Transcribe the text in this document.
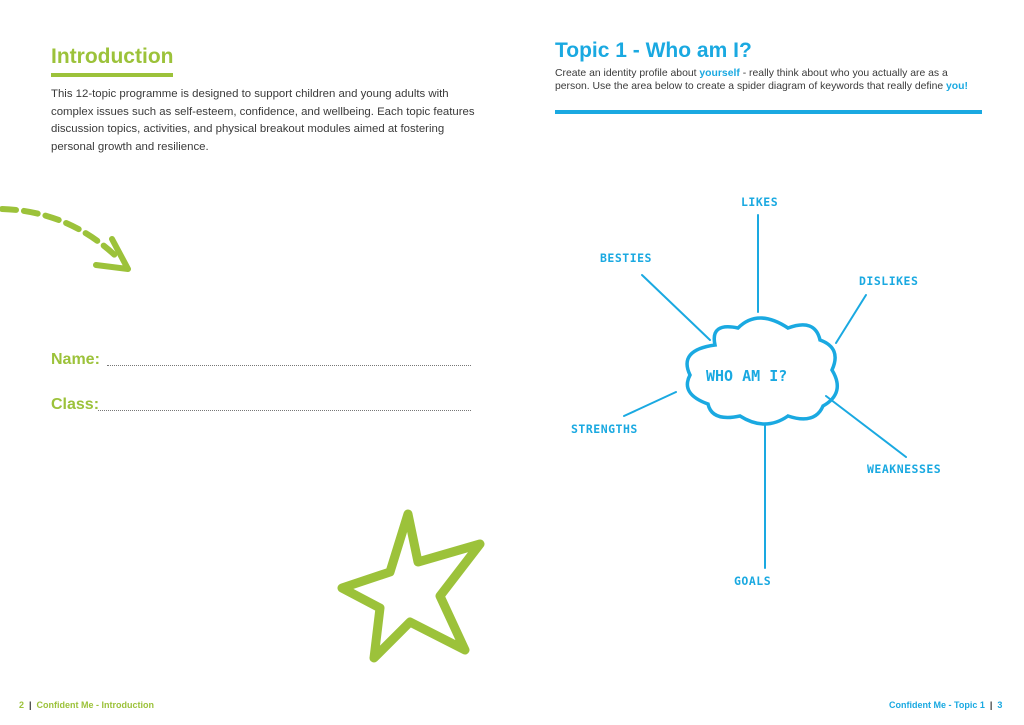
Introduction
This 12-topic programme is designed to support children and young adults with complex issues such as self-esteem, confidence, and wellbeing. Each topic features discussion topics, activities, and physical breakout modules aimed at fostering personal growth and resilience.
Name:
Class:
2 | Confident Me - Introduction
Topic 1 - Who am I?
Create an identity profile about yourself - really think about who you actually are as a person. Use the area below to create a spider diagram of keywords that really define you!
WHO AM I?
LIKES
BESTIES
DISLIKES
STRENGTHS
WEAKNESSES
GOALS
Confident Me - Topic 1 | 3
